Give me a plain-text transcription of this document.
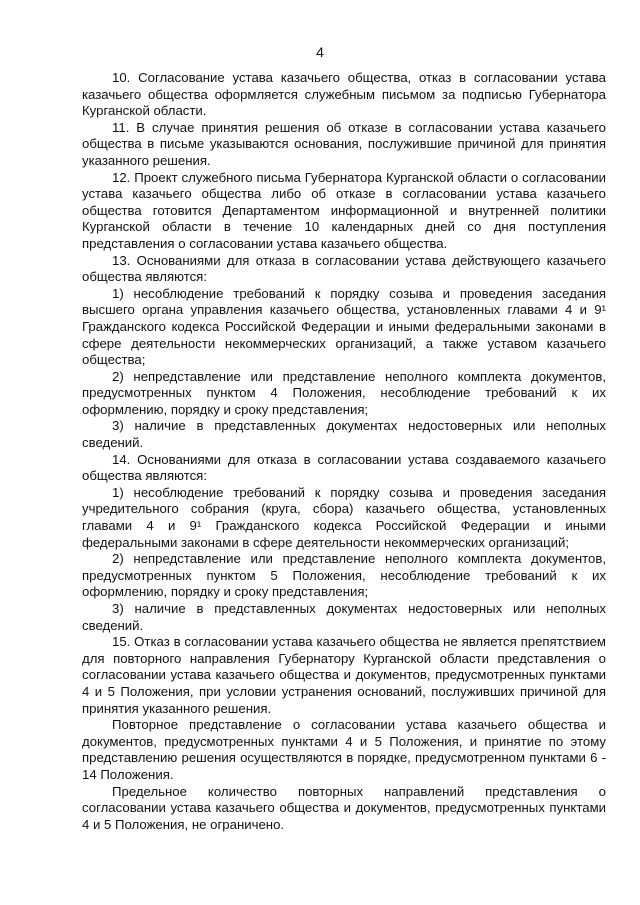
4

10. Согласование устава казачьего общества, отказ в согласовании устава казачьего общества оформляется служебным письмом за подписью Губернатора Курганской области.

11. В случае принятия решения об отказе в согласовании устава казачьего общества в письме указываются основания, послужившие причиной для принятия указанного решения.

12. Проект служебного письма Губернатора Курганской области о согласовании устава казачьего общества либо об отказе в согласовании устава казачьего общества готовится Департаментом информационной и внутренней политики Курганской области в течение 10 календарных дней со дня поступления представления о согласовании устава казачьего общества.

13. Основаниями для отказа в согласовании устава действующего казачьего общества являются:

1) несоблюдение требований к порядку созыва и проведения заседания высшего органа управления казачьего общества, установленных главами 4 и 9¹ Гражданского кодекса Российской Федерации и иными федеральными законами в сфере деятельности некоммерческих организаций, а также уставом казачьего общества;

2) непредставление или представление неполного комплекта документов, предусмотренных пунктом 4 Положения, несоблюдение требований к их оформлению, порядку и сроку представления;

3) наличие в представленных документах недостоверных или неполных сведений.

14. Основаниями для отказа в согласовании устава создаваемого казачьего общества являются:

1) несоблюдение требований к порядку созыва и проведения заседания учредительного собрания (круга, сбора) казачьего общества, установленных главами 4 и 9¹ Гражданского кодекса Российской Федерации и иными федеральными законами в сфере деятельности некоммерческих организаций;

2) непредставление или представление неполного комплекта документов, предусмотренных пунктом 5 Положения, несоблюдение требований к их оформлению, порядку и сроку представления;

3) наличие в представленных документах недостоверных или неполных сведений.

15. Отказ в согласовании устава казачьего общества не является препятствием для повторного направления Губернатору Курганской области представления о согласовании устава казачьего общества и документов, предусмотренных пунктами 4 и 5 Положения, при условии устранения оснований, послуживших причиной для принятия указанного решения.

Повторное представление о согласовании устава казачьего общества и документов, предусмотренных пунктами 4 и 5 Положения, и принятие по этому представлению решения осуществляются в порядке, предусмотренном пунктами 6 - 14 Положения.

Предельное количество повторных направлений представления о согласовании устава казачьего общества и документов, предусмотренных пунктами 4 и 5 Положения, не ограничено.
